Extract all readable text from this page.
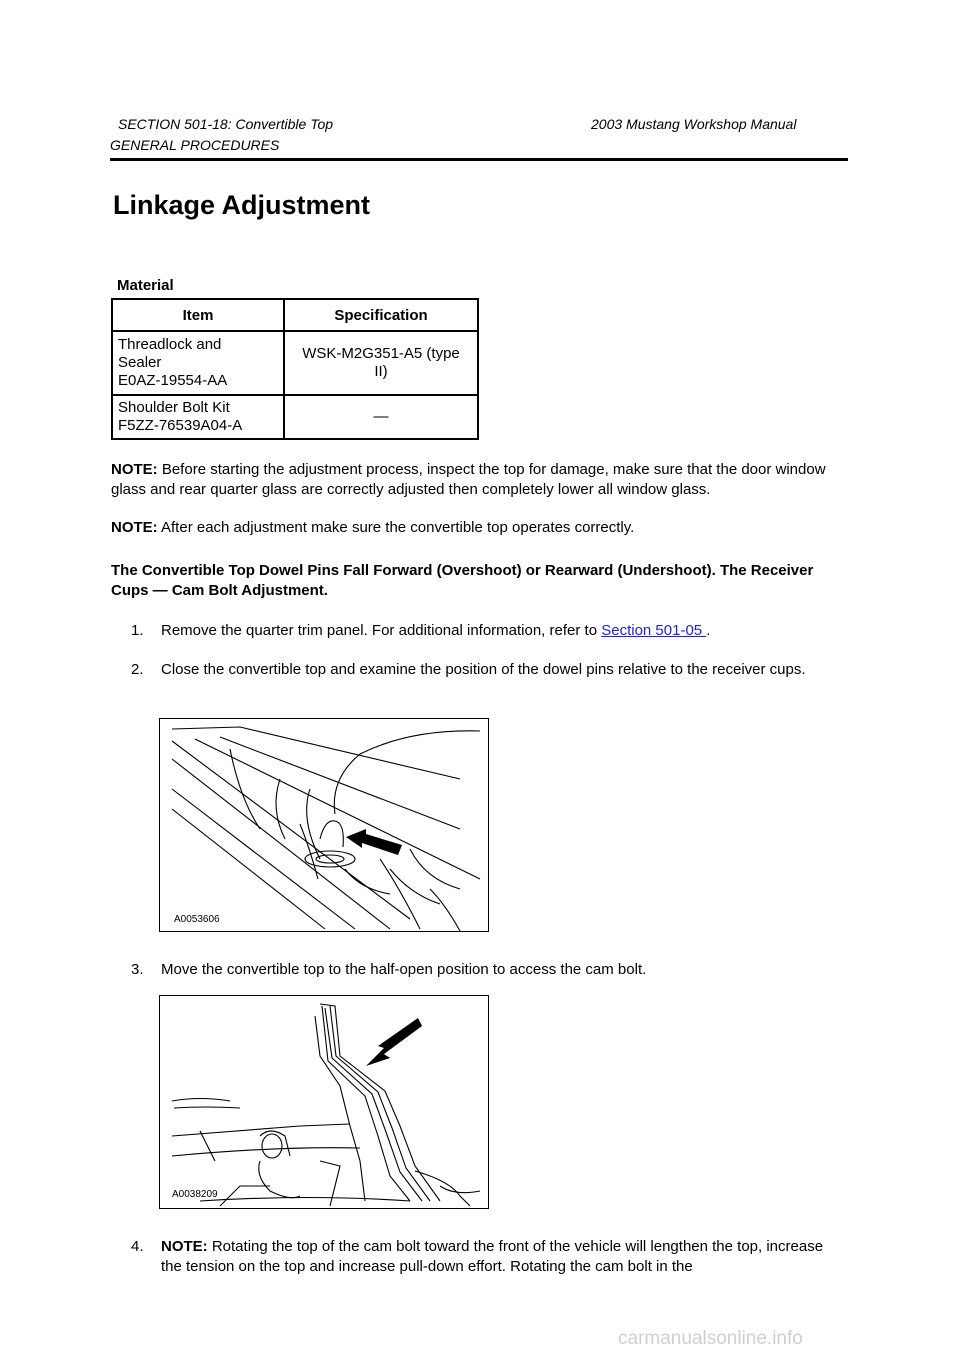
SECTION 501-18: Convertible Top	2003 Mustang Workshop Manual
GENERAL PROCEDURES
Linkage Adjustment
Material
Item	Specification
Threadlock and
Sealer
E0AZ-19554-AA	WSK-M2G351-A5 (type
II)
Shoulder Bolt Kit
F5ZZ-76539A04-A	—
NOTE: Before starting the adjustment process, inspect the top for damage, make sure that the door window glass and rear quarter glass are correctly adjusted then completely lower all window glass.
NOTE: After each adjustment make sure the convertible top operates correctly.
The Convertible Top Dowel Pins Fall Forward (Overshoot) or Rearward (Undershoot). The Receiver Cups — Cam Bolt Adjustment.
1. Remove the quarter trim panel. For additional information, refer to Section 501-05 .
2. Close the convertible top and examine the position of the dowel pins relative to the receiver cups.
A0053606
3. Move the convertible top to the half-open position to access the cam bolt.
A0038209
4. NOTE: Rotating the top of the cam bolt toward the front of the vehicle will lengthen the top, increase the tension on the top and increase pull-down effort. Rotating the cam bolt in the
carmanualsonline.info
